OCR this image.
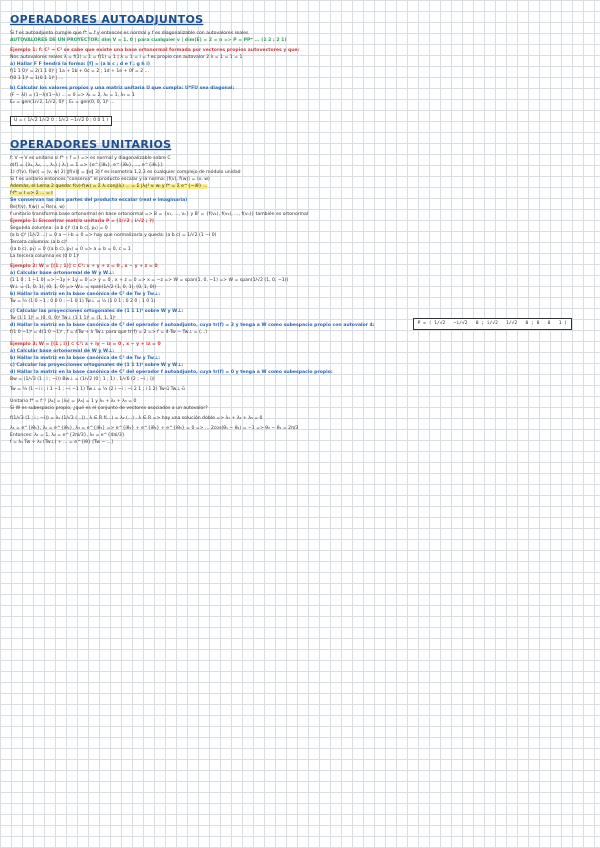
OPERADORES AUTOADJUNTOS

Si f es autoadjunto cumple que f* = f y entonces es normal y f es diagonalizable con autovalores reales

AUTOVALORES DE UN PROYECTOR: dim V = 1, 0 | para cualquier v | dim(E) = 2 = n => P = PP* ... (1 2 ; 2 1)

Ejemplo 1: f: C³ → C³ se sabe que existe una base ortonormal formada por vectores propios autovectores y que:

Nos autovalores reales λ = f(1) = 1 = f(1) = 1 | λ = 1 = i = f es propio con autovalor 2 λ = 1 = 1 = 1

a) Hallar F F tendrá la forma: [f] = (a b c ; d e f ; g h i)

f(1 1 0)ᵗ = 2(1 1 0)ᵗ | 1a + 1b + 0c = 2 ; 1d + 1e + 0f = 2 ...

f(0 1 1)ᵗ = 1(0 1 1)ᵗ | ...

b) Calcular los valores propios y una matriz unitaria U que cumpla: U*FU sea diagonal:

(F − λI) = (1−λ)(1−λ) ... = 0 => λ₁ = 2, λ₂ = 1, λ₃ = 1

E₂ = gen(1/√2, 1/√2, 0)ᵗ ; E₁ = gen(0, 0, 1)ᵗ ...

U = ( 1/√2 1/√2 0 ; 1/√2 −1/√2 0 ; 0 0 1 )
OPERADORES UNITARIOS

f: V → V es unitario si f* ∘ f = I => es normal y diagonalizable sobre C

σ(f) = {λ₁, λ₂, ..., λₙ} | λᵢ | = 1 => {e^{iθ₁}, e^{iθ₂}, ..., e^{iθₙ}}

1) ⟨f(v), f(w)⟩ = ⟨v, w⟩ 2) ‖f(v)‖ = ‖v‖ 3) f es isometría 1,2,3 es cualquier complejo de módulo unidad

Si f es unitario entonces "conserva" el producto escalar y la norma: ⟨f(v), f(w)⟩ = ⟨v, w⟩

Además, el Lema 2 queda: f(v)·f(w) = Σ λᵢ conj(λⱼ) ... = Σ |λᵢ|² vᵢ wᵢ y f* = Σ e^{−iθ} ...

f·f* = I => Σ ... = I

Se conservan las dos partes del producto escalar (real e imaginaria)

Re⟨f(v), f(w)⟩ = Re⟨v, w⟩

f unitario transforma base ortonormal en base ortonormal => B = {v₁, ..., vₙ} y B' = {f(v₁), f(v₂), ..., f(vₙ)} también es ortonormal

Ejemplo 1: Encontrar matriz unitaria P = (1/√2 ; i/√2 ; ?)

Segunda columna: (a b c)ᵗ ⟨(a b c), p₁⟩ = 0

(a b c)ᵗ ⟨1/√2 ...⟩ = 0 a − i·b = 0 => hay que normalizarla y queda: (a b c) = 1/√2 (1 −i 0)

Tercera columna: (a b c)ᵗ

⟨(a b c), p₁⟩ = 0 ⟨(a b c), p₂⟩ = 0 => a = b = 0, c = 1

La tercera columna es (0 0 1)ᵗ

Ejemplo 2: W = [(1 ; 1)] ⊂ C²: x + y + z = 0 , x − y + z = 0

a) Calcular base ortonormal de W y W⊥:

(1 1 0 ; 1 −1 0) => −1y + 1y = 0 => y = 0 , x + z = 0 => x = −z => W = span(1, 0, −1) => W = span(1/√2 (1, 0, −1))

W⊥ = (1, 0, 1), (0, 1, 0) => W⊥ = span(1/√2 (1, 0, 1), (0, 1, 0))

b) Hallar la matriz en la base canónica de C³ de Tw y Tw⊥:

Tw = ½ (1 0 −1 ; 0 0 0 ; −1 0 1) Tw⊥ = ½ (1 0 1 ; 0 2 0 ; 1 0 1)

c) Calcular las proyecciones ortogonales de (1 1 1)ᵗ sobre W y W⊥:

Tw (1 1 1)ᵗ = (0, 0, 0)ᵗ Tw⊥ (1 1 1)ᵗ = (1, 1, 1)ᵗ

d) Hallar la matriz en la base canónica de C³ del operador f autoadjunto, cuya tr(f) = 2 y tenga a W como subespacio propio con autovalor 4:

f(1 0 −1)ᵗ = 4(1 0 −1)ᵗ , f = 4Tw + λ Tw⊥ para que tr(f) = 2 => f = 4·Tw − Tw⊥ = (...)

Ejemplo 3: W = [(1 ; i)] ⊂ C³: x + iy − iz = 0 , x − y + iz = 0

a) Calcular base ortonormal de W y W⊥:

b) Hallar la matriz en la base canónica de C³ de Tw y Tw⊥:

c) Calcular las proyecciones ortogonales de (1 1 1)ᵗ sobre W y W⊥:

d) Hallar la matriz en la base canónica de C³ del operador f autoadjunto, cuya tr(f) = 0 y tenga a W como subespacio propio:

Bw = (1/√3 (1 ; i ; −i)) Bw⊥ = (1/√2 (0 ; 1 ; 1) , 1/√6 (2 ; −i ; i))

Tw = ⅓ (1 −i i ; i 1 −1 ; −i −1 1) Tw⊥ = ⅓ (2 i −i ; −i 2 1 ; i 1 2) Tw·ū Tw⊥·ū

Unitario f* = f⁻¹ |λ₁| = |λ₂| = |λ₃| = 1 y λ₁ + λ₂ + λ₃ = 0

Si W es subespacio propio, ¿qué es el conjunto de vectores asociados a un autovalor?

f(1/√3 (1 ; i ; −i)) = λ₁ (1/√3 (...)) , λ ∈ R f(...) = λ₂ (...) , λ ∈ R => hay una solución doble => λ₁ + λ₂ + λ₃ = 0

λ₁ = e^{iθ₁}, λ₂ = e^{iθ₂}, λ₃ = e^{iθ₃} => e^{iθ₁} + e^{iθ₂} + e^{iθ₃} = 0 => ... 2cos(θ₁ − θ₂) = −1 => θ₂ − θ₁ = 2π/3

Entonces: λ₁ = 1, λ₂ = e^{2πi/3}, λ₃ = e^{4πi/3}

f = λ₁ Tw + λ₂ (Tw⊥) + ... = e^{iθ} [Tw − ...]

P = ( 1/√2   −i/√2   0 ; i/√2   1/√2   0 ; 0   0   1 )
